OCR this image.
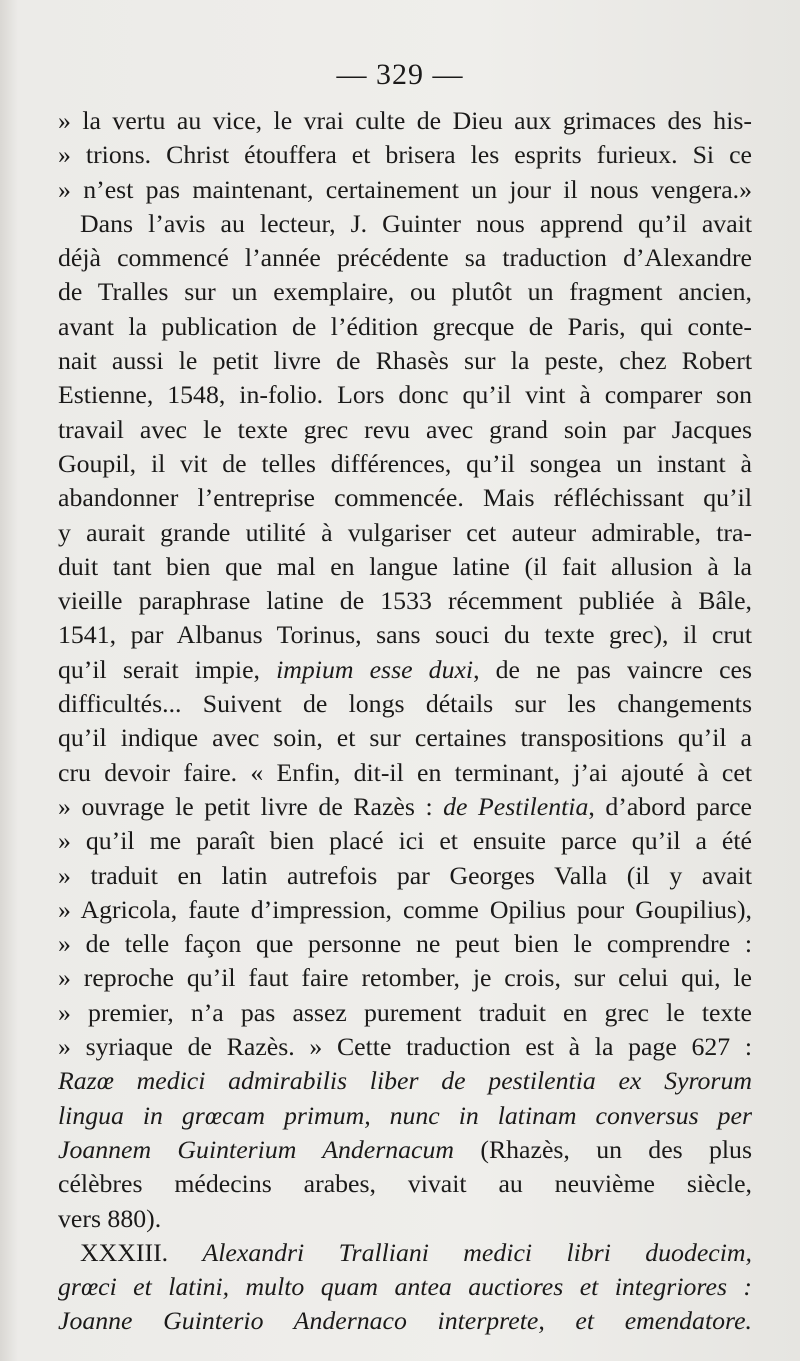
— 329 —
» la vertu au vice, le vrai culte de Dieu aux grimaces des his-
» trions. Christ étouffera et brisera les esprits furieux. Si ce
» n’est pas maintenant, certainement un jour il nous vengera.»
Dans l’avis au lecteur, J. Guinter nous apprend qu’il avait
déjà commencé l’année précédente sa traduction d’Alexandre
de Tralles sur un exemplaire, ou plutôt un fragment ancien,
avant la publication de l’édition grecque de Paris, qui conte-
nait aussi le petit livre de Rhasès sur la peste, chez Robert
Estienne, 1548, in-folio. Lors donc qu’il vint à comparer son
travail avec le texte grec revu avec grand soin par Jacques
Goupil, il vit de telles différences, qu’il songea un instant à
abandonner l’entreprise commencée. Mais réfléchissant qu’il
y aurait grande utilité à vulgariser cet auteur admirable, tra-
duit tant bien que mal en langue latine (il fait allusion à la
vieille paraphrase latine de 1533 récemment publiée à Bâle,
1541, par Albanus Torinus, sans souci du texte grec), il crut
qu’il serait impie, impium esse duxi, de ne pas vaincre ces
difficultés... Suivent de longs détails sur les changements
qu’il indique avec soin, et sur certaines transpositions qu’il a
cru devoir faire. « Enfin, dit-il en terminant, j’ai ajouté à cet
» ouvrage le petit livre de Razès : de Pestilentia, d’abord parce
» qu’il me paraît bien placé ici et ensuite parce qu’il a été
» traduit en latin autrefois par Georges Valla (il y avait
» Agricola, faute d’impression, comme Opilius pour Goupilius),
» de telle façon que personne ne peut bien le comprendre :
» reproche qu’il faut faire retomber, je crois, sur celui qui, le
» premier, n’a pas assez purement traduit en grec le texte
» syriaque de Razès. » Cette traduction est à la page 627 :
Razœ medici admirabilis liber de pestilentia ex Syrorum
lingua in grœcam primum, nunc in latinam conversus per
Joannem Guinterium Andernacum (Rhazès, un des plus
célèbres médecins arabes, vivait au neuvième siècle,
vers 880).
XXXIII. Alexandri Tralliani medici libri duodecim,
grœci et latini, multo quam antea auctiores et integriores :
Joanne Guinterio Andernaco interprete, et emendatore.
